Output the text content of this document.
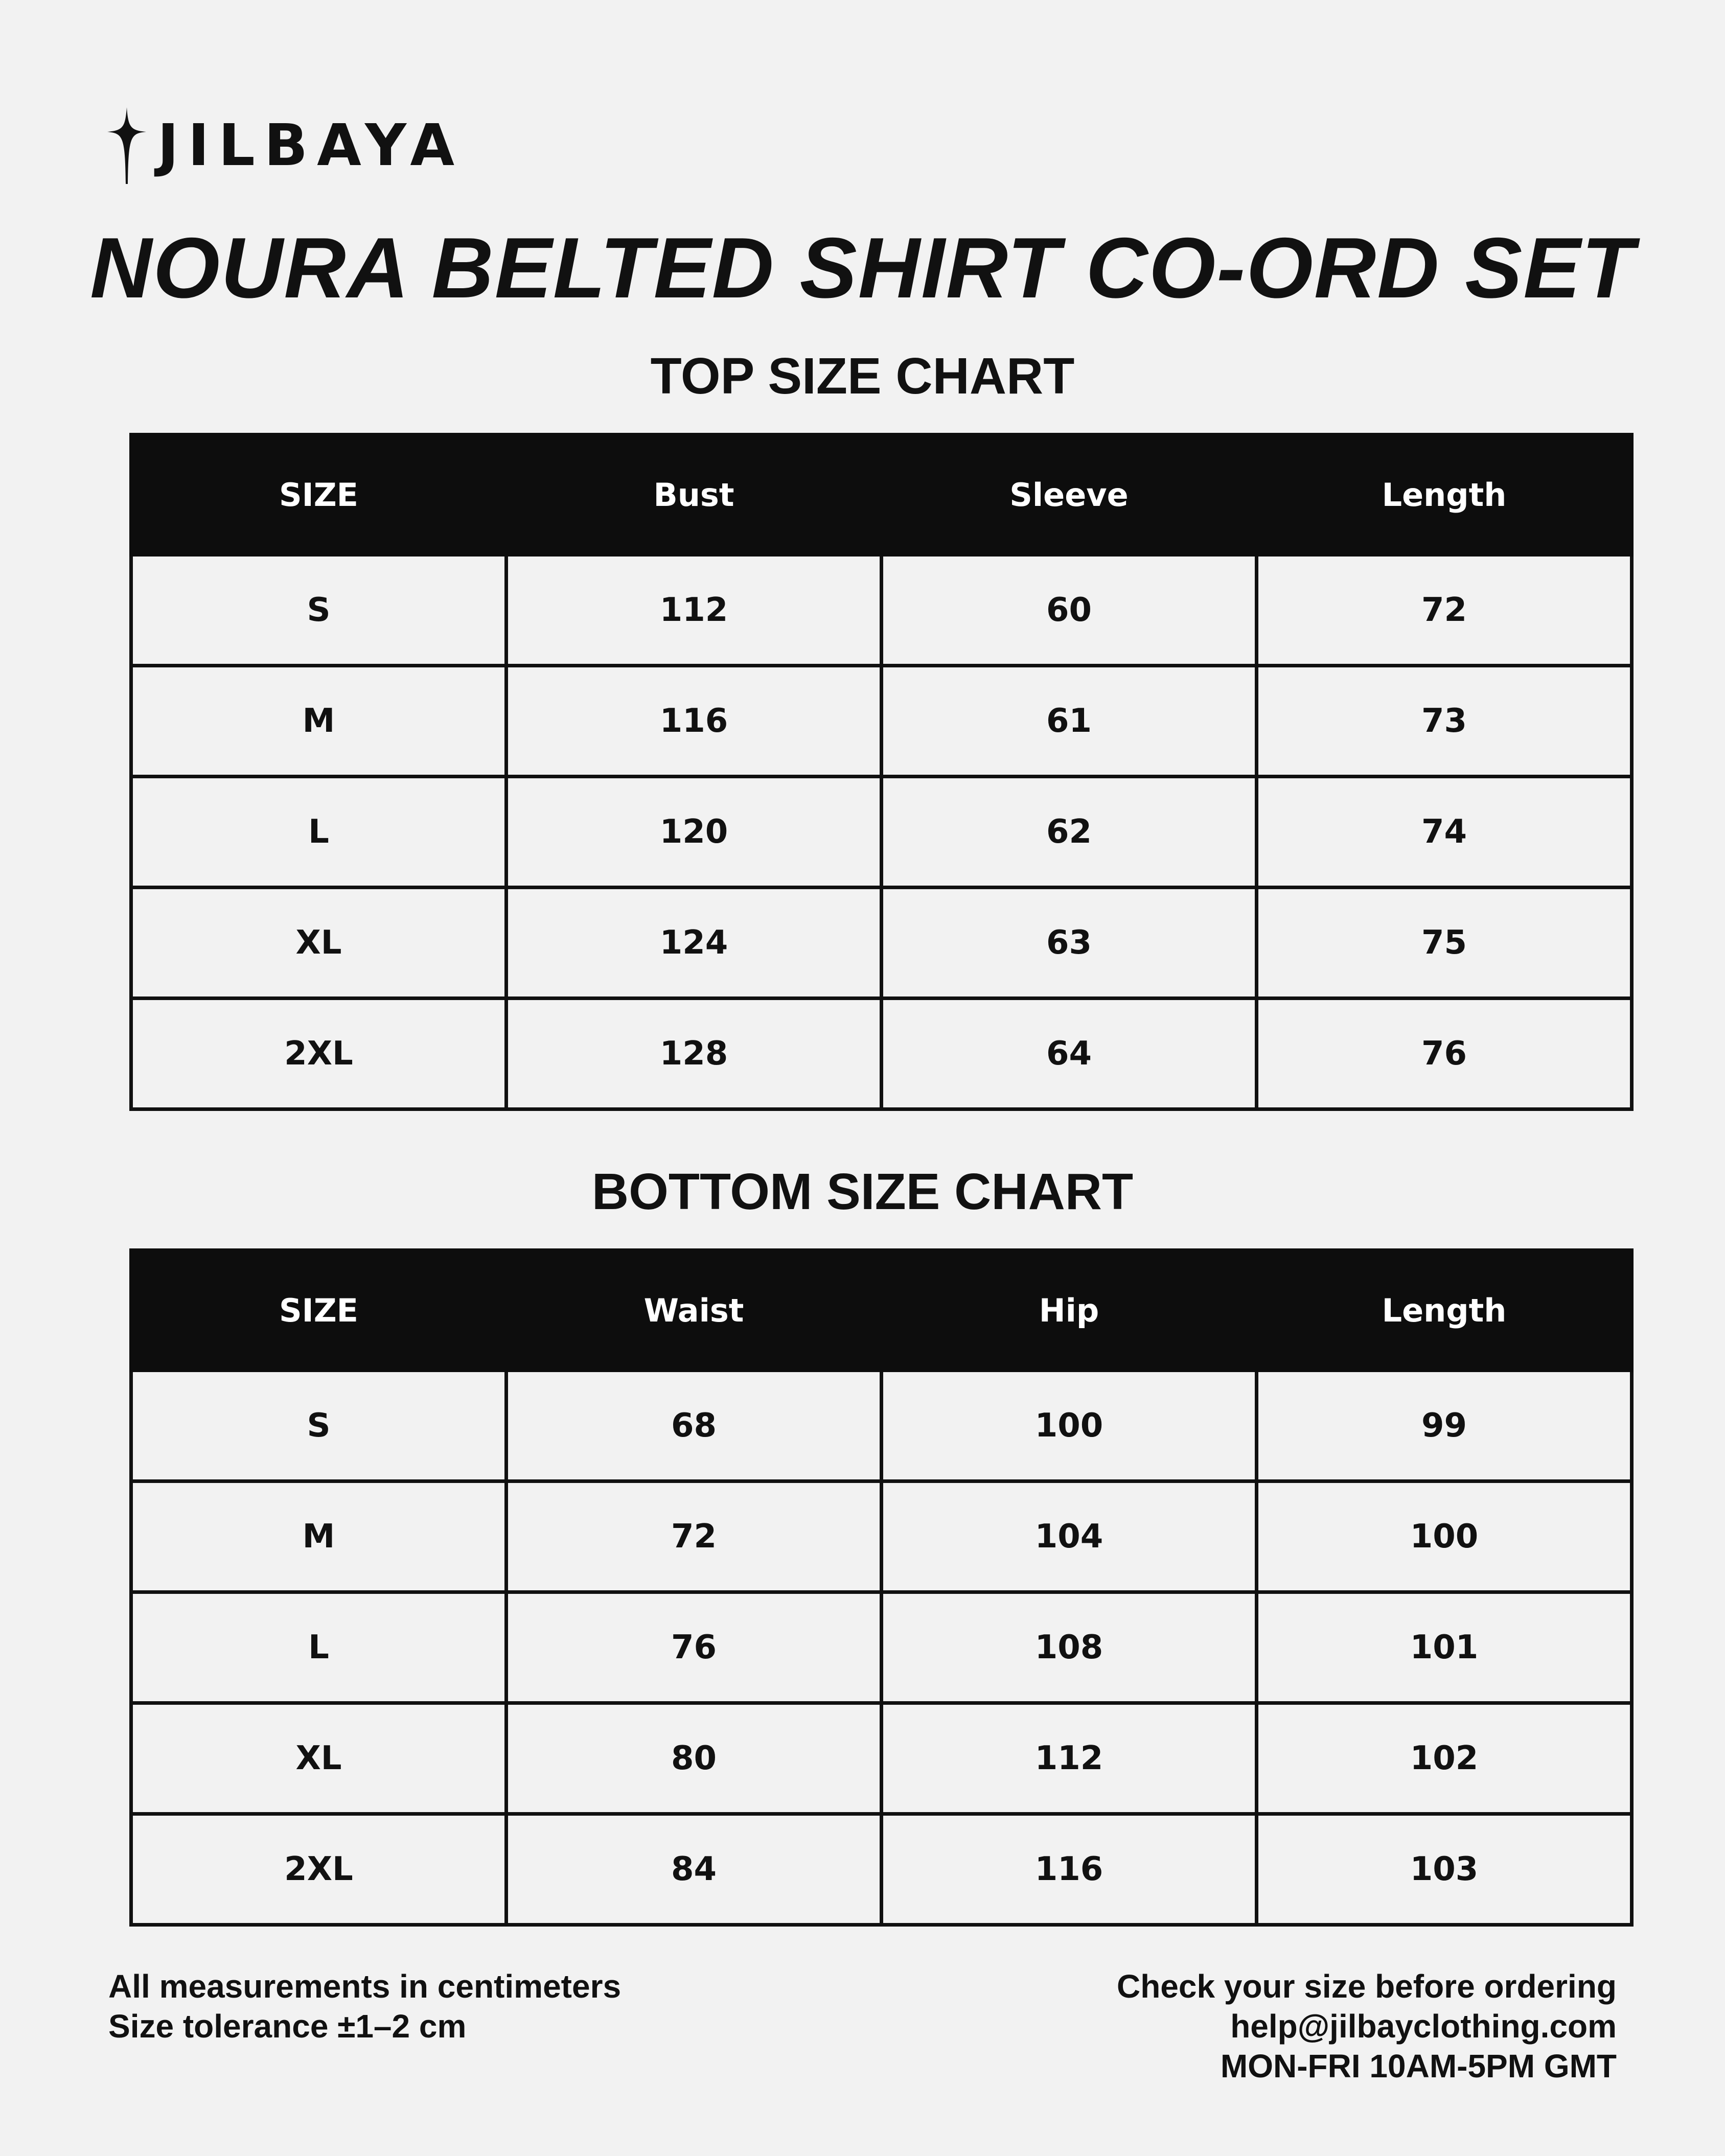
JILBAYA
NOURA BELTED SHIRT CO-ORD SET
TOP SIZE CHART
SIZE	Bust	Sleeve	Length
S	112	60	72
M	116	61	73
L	120	62	74
XL	124	63	75
2XL	128	64	76
BOTTOM SIZE CHART
SIZE	Waist	Hip	Length
S	68	100	99
M	72	104	100
L	76	108	101
XL	80	112	102
2XL	84	116	103
All measurements in centimeters
Size tolerance ±1–2 cm
Check your size before ordering
help@jilbayclothing.com
MON-FRI 10AM-5PM GMT
